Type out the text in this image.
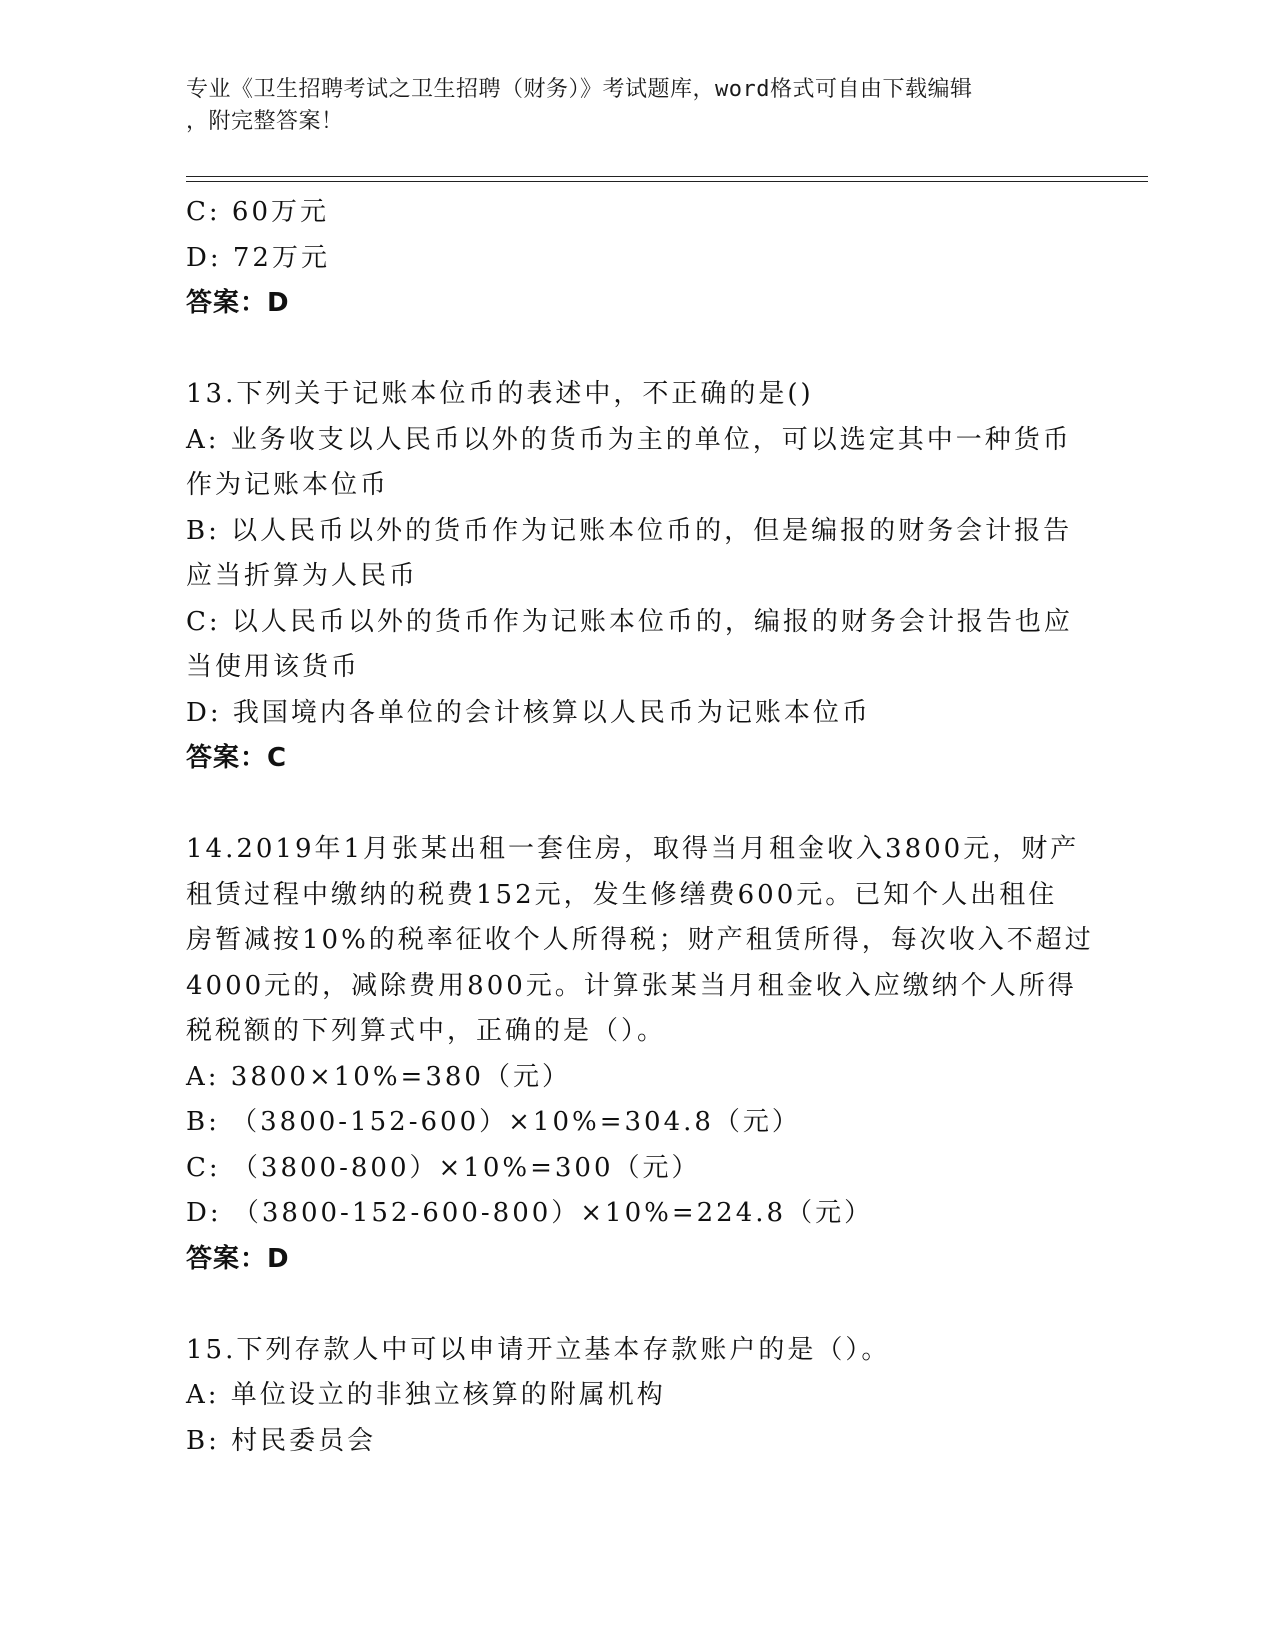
专业《卫生招聘考试之卫生招聘（财务）》考试题库，word格式可自由下载编辑
，附完整答案！
C: 60万元
D: 72万元
答案：D
13.下列关于记账本位币的表述中，不正确的是()
A: 业务收支以人民币以外的货币为主的单位，可以选定其中一种货币
作为记账本位币
B: 以人民币以外的货币作为记账本位币的，但是编报的财务会计报告
应当折算为人民币
C: 以人民币以外的货币作为记账本位币的，编报的财务会计报告也应
当使用该货币
D: 我国境内各单位的会计核算以人民币为记账本位币
答案：C
14.2019年1月张某出租一套住房，取得当月租金收入3800元，财产
租赁过程中缴纳的税费152元，发生修缮费600元。已知个人出租住
房暂减按10%的税率征收个人所得税；财产租赁所得，每次收入不超过
4000元的，减除费用800元。计算张某当月租金收入应缴纳个人所得
税税额的下列算式中，正确的是（）。
A: 3800×10%=380（元）
B: （3800-152-600）×10%=304.8（元）
C: （3800-800）×10%=300（元）
D: （3800-152-600-800）×10%=224.8（元）
答案：D
15.下列存款人中可以申请开立基本存款账户的是（）。
A: 单位设立的非独立核算的附属机构
B: 村民委员会
